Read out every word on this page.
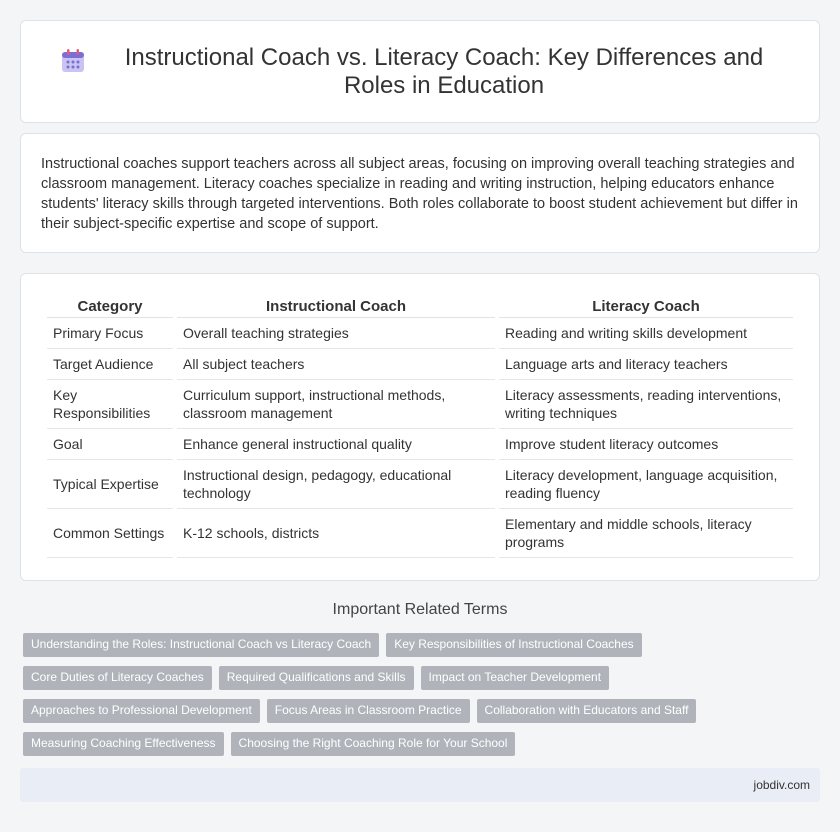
Instructional Coach vs. Literacy Coach: Key Differences and Roles in Education

Instructional coaches support teachers across all subject areas, focusing on improving overall teaching strategies and classroom management. Literacy coaches specialize in reading and writing instruction, helping educators enhance students' literacy skills through targeted interventions. Both roles collaborate to boost student achievement but differ in their subject-specific expertise and scope of support.

Category	Instructional Coach	Literacy Coach
Primary Focus	Overall teaching strategies	Reading and writing skills development
Target Audience	All subject teachers	Language arts and literacy teachers
Key Responsibilities	Curriculum support, instructional methods, classroom management	Literacy assessments, reading interventions, writing techniques
Goal	Enhance general instructional quality	Improve student literacy outcomes
Typical Expertise	Instructional design, pedagogy, educational technology	Literacy development, language acquisition, reading fluency
Common Settings	K-12 schools, districts	Elementary and middle schools, literacy programs
Important Related Terms
Understanding the Roles: Instructional Coach vs Literacy Coach	Key Responsibilities of Instructional Coaches
Core Duties of Literacy Coaches	Required Qualifications and Skills	Impact on Teacher Development
Approaches to Professional Development	Focus Areas in Classroom Practice	Collaboration with Educators and Staff
Measuring Coaching Effectiveness	Choosing the Right Coaching Role for Your School
jobdiv.com
